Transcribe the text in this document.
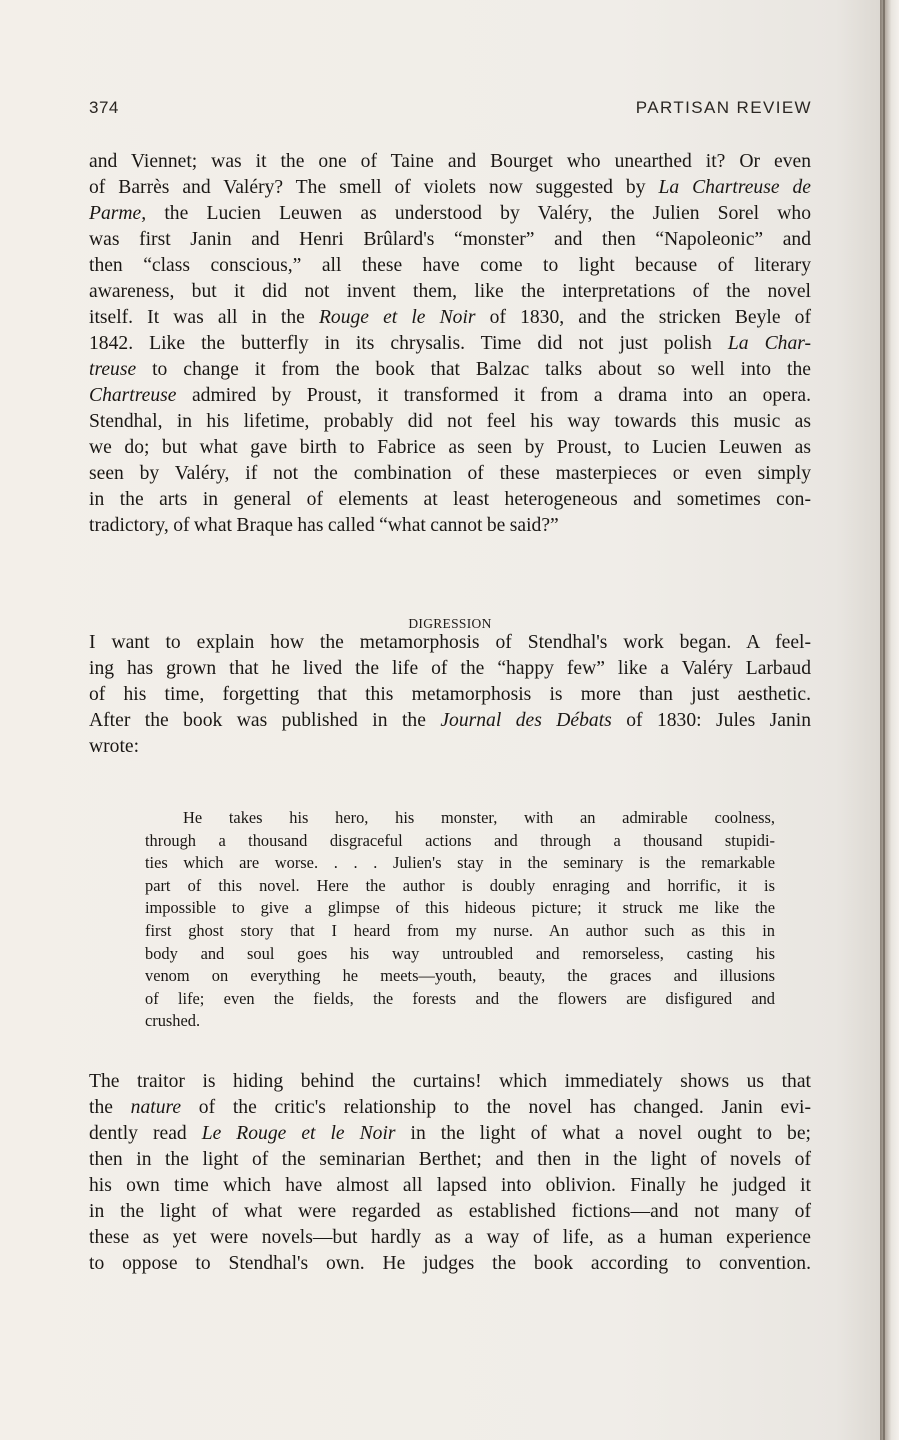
374	PARTISAN REVIEW
and Viennet; was it the one of Taine and Bourget who unearthed it? Or even
of Barrès and Valéry? The smell of violets now suggested by La Chartreuse de
Parme, the Lucien Leuwen as understood by Valéry, the Julien Sorel who
was first Janin and Henri Brûlard's “monster” and then “Napoleonic” and
then “class conscious,” all these have come to light because of literary
awareness, but it did not invent them, like the interpretations of the novel
itself. It was all in the Rouge et le Noir of 1830, and the stricken Beyle of
1842. Like the butterfly in its chrysalis. Time did not just polish La Char-
treuse to change it from the book that Balzac talks about so well into the
Chartreuse admired by Proust, it transformed it from a drama into an opera.
Stendhal, in his lifetime, probably did not feel his way towards this music as
we do; but what gave birth to Fabrice as seen by Proust, to Lucien Leuwen as
seen by Valéry, if not the combination of these masterpieces or even simply
in the arts in general of elements at least heterogeneous and sometimes con-
tradictory, of what Braque has called “what cannot be said?”
DIGRESSION
I want to explain how the metamorphosis of Stendhal's work began. A feel-
ing has grown that he lived the life of the “happy few” like a Valéry Larbaud
of his time, forgetting that this metamorphosis is more than just aesthetic.
After the book was published in the Journal des Débats of 1830: Jules Janin
wrote:
He takes his hero, his monster, with an admirable coolness,
through a thousand disgraceful actions and through a thousand stupidi-
ties which are worse. . . . Julien's stay in the seminary is the remarkable
part of this novel. Here the author is doubly enraging and horrific, it is
impossible to give a glimpse of this hideous picture; it struck me like the
first ghost story that I heard from my nurse. An author such as this in
body and soul goes his way untroubled and remorseless, casting his
venom on everything he meets—youth, beauty, the graces and illusions
of life; even the fields, the forests and the flowers are disfigured and
crushed.
The traitor is hiding behind the curtains! which immediately shows us that
the nature of the critic's relationship to the novel has changed. Janin evi-
dently read Le Rouge et le Noir in the light of what a novel ought to be;
then in the light of the seminarian Berthet; and then in the light of novels of
his own time which have almost all lapsed into oblivion. Finally he judged it
in the light of what were regarded as established fictions—and not many of
these as yet were novels—but hardly as a way of life, as a human experience
to oppose to Stendhal's own. He judges the book according to convention.
